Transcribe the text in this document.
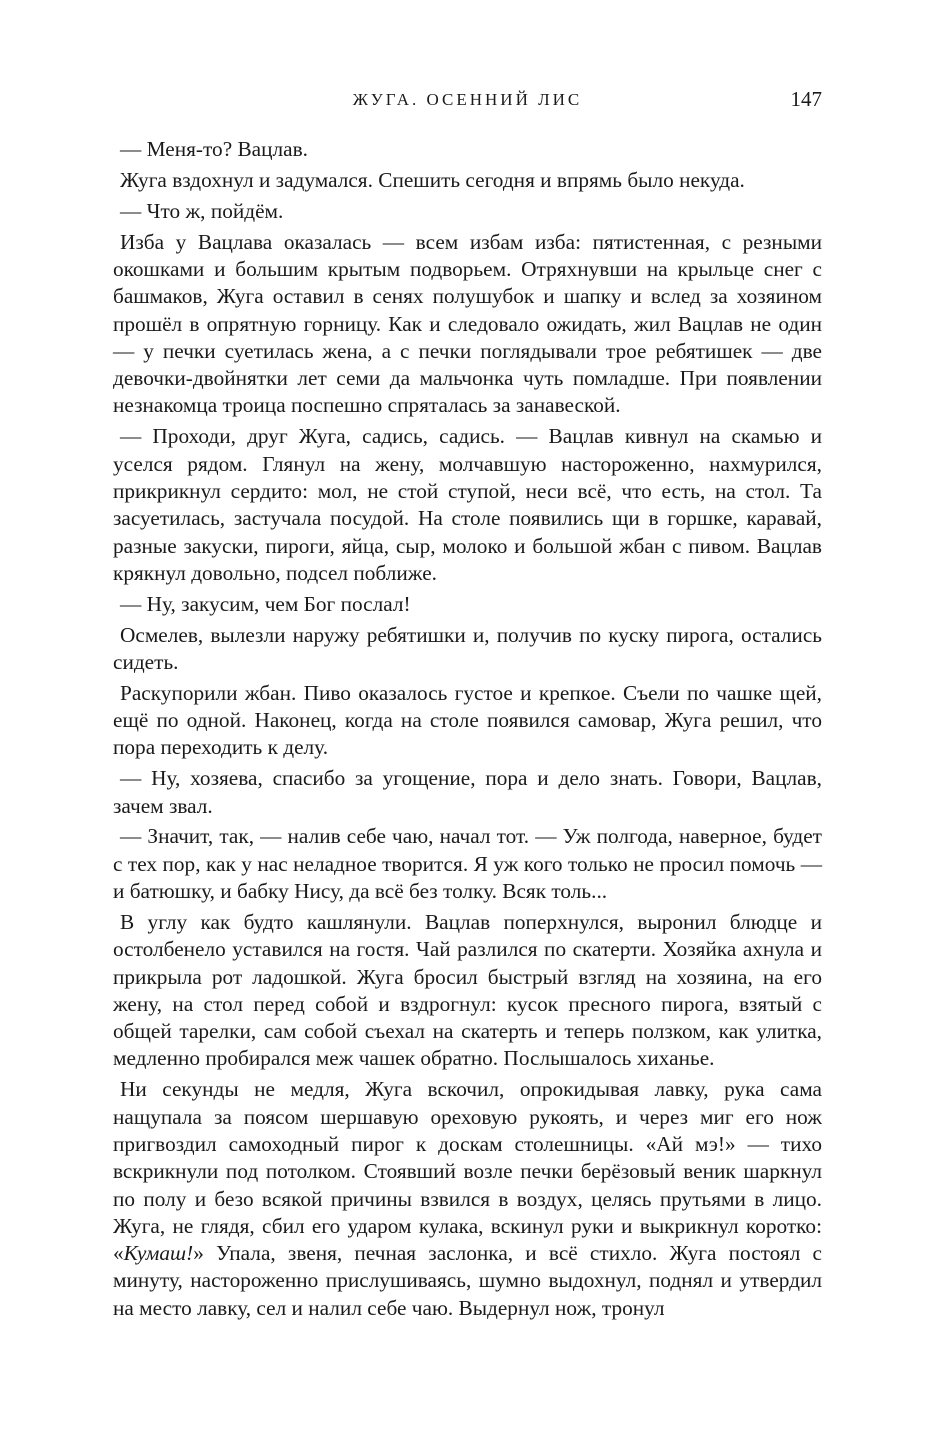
ЖУГА. ОСЕННИЙ ЛИС	147

— Меня-то? Вацлав.

Жуга вздохнул и задумался. Спешить сегодня и впрямь было некуда.

— Что ж, пойдём.

Изба у Вацлава оказалась — всем избам изба: пятистенная, с резными окошками и большим крытым подворьем. Отряхнувши на крыльце снег с башмаков, Жуга оставил в сенях полушубок и шапку и вслед за хозяином прошёл в опрятную горницу. Как и следовало ожидать, жил Вацлав не один — у печки суетилась жена, а с печки поглядывали трое ребятишек — две девочки-двойнятки лет семи да мальчонка чуть помладше. При появлении незнакомца троица поспешно спряталась за занавеской.

— Проходи, друг Жуга, садись, садись. — Вацлав кивнул на скамью и уселся рядом. Глянул на жену, молчавшую настороженно, нахмурился, прикрикнул сердито: мол, не стой ступой, неси всё, что есть, на стол. Та засуетилась, застучала посудой. На столе появились щи в горшке, каравай, разные закуски, пироги, яйца, сыр, молоко и большой жбан с пивом. Вацлав крякнул довольно, подсел поближе.

— Ну, закусим, чем Бог послал!

Осмелев, вылезли наружу ребятишки и, получив по куску пирога, остались сидеть.

Раскупорили жбан. Пиво оказалось густое и крепкое. Съели по чашке щей, ещё по одной. Наконец, когда на столе появился самовар, Жуга решил, что пора переходить к делу.

— Ну, хозяева, спасибо за угощение, пора и дело знать. Говори, Вацлав, зачем звал.

— Значит, так, — налив себе чаю, начал тот. — Уж полгода, наверное, будет с тех пор, как у нас неладное творится. Я уж кого только не просил помочь — и батюшку, и бабку Нису, да всё без толку. Всяк толь...

В углу как будто кашлянули. Вацлав поперхнулся, выронил блюдце и остолбенело уставился на гостя. Чай разлился по скатерти. Хозяйка ахнула и прикрыла рот ладошкой. Жуга бросил быстрый взгляд на хозяина, на его жену, на стол перед собой и вздрогнул: кусок пресного пирога, взятый с общей тарелки, сам собой съехал на скатерть и теперь ползком, как улитка, медленно пробирался меж чашек обратно. Послышалось хиханье.

Ни секунды не медля, Жуга вскочил, опрокидывая лавку, рука сама нащупала за поясом шершавую ореховую рукоять, и через миг его нож пригвоздил самоходный пирог к доскам столешницы. «Ай мэ!» — тихо вскрикнули под потолком. Стоявший возле печки берёзовый веник шаркнул по полу и безо всякой причины взвился в воздух, целясь прутьями в лицо. Жуга, не глядя, сбил его ударом кулака, вскинул руки и выкрикнул коротко: «Кумаш!» Упала, звеня, печная заслонка, и всё стихло. Жуга постоял с минуту, настороженно прислушиваясь, шумно выдохнул, поднял и утвердил на место лавку, сел и налил себе чаю. Выдернул нож, тронул
